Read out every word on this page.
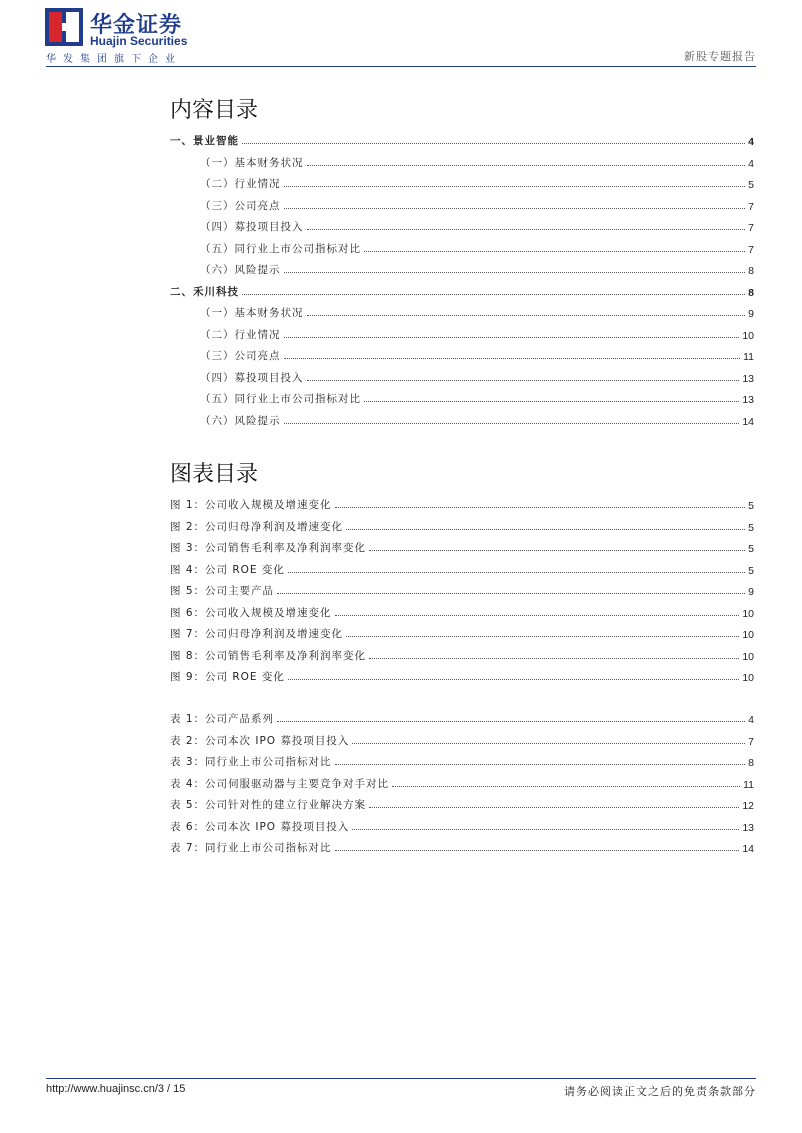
华金证券
Huajin Securities
华发集团旗下企业	新股专题报告
内容目录
一、景业智能	4
（一）基本财务状况	4
（二）行业情况	5
（三）公司亮点	7
（四）募投项目投入	7
（五）同行业上市公司指标对比	7
（六）风险提示	8
二、禾川科技	8
（一）基本财务状况	9
（二）行业情况	10
（三）公司亮点	11
（四）募投项目投入	13
（五）同行业上市公司指标对比	13
（六）风险提示	14
图表目录
图 1：公司收入规模及增速变化	5
图 2：公司归母净利润及增速变化	5
图 3：公司销售毛利率及净利润率变化	5
图 4：公司 ROE 变化	5
图 5：公司主要产品	9
图 6：公司收入规模及增速变化	10
图 7：公司归母净利润及增速变化	10
图 8：公司销售毛利率及净利润率变化	10
图 9：公司 ROE 变化	10
表 1：公司产品系列	4
表 2：公司本次 IPO 募投项目投入	7
表 3：同行业上市公司指标对比	8
表 4：公司伺服驱动器与主要竞争对手对比	11
表 5：公司针对性的建立行业解决方案	12
表 6：公司本次 IPO 募投项目投入	13
表 7：同行业上市公司指标对比	14
http://www.huajinsc.cn/3 / 15	请务必阅读正文之后的免责条款部分
